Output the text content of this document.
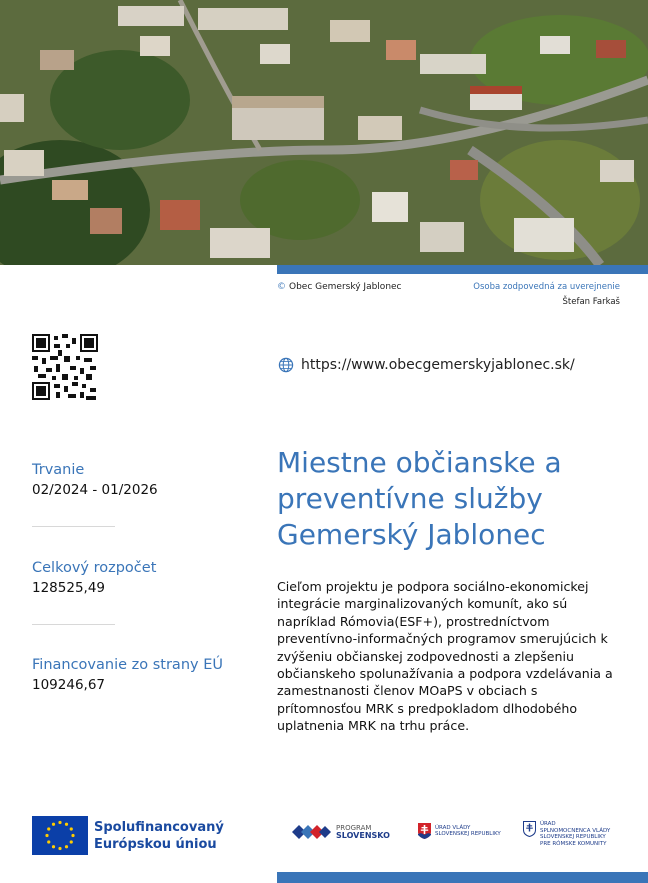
© Obec Gemerský Jablonec	Osoba zodpovedná za uverejnenie
Štefan Farkaš
https://www.obecgemerskyjablonec.sk/
Trvanie
02/2024 - 01/2026
Celkový rozpočet
128525,49
Financovanie zo strany EÚ
109246,67
Miestne občianske a
preventívne služby
Gemerský Jablonec
Cieľom projektu je podpora sociálno-ekonomickej
integrácie marginalizovaných komunít, ako sú
napríklad Rómovia(ESF+), prostredníctvom
preventívno-informačných programov smerujúcich k
zvýšeniu občianskej zodpovednosti a zlepšeniu
občianskeho spolunažívania a podpora vzdelávania a
zamestnanosti členov MOaPS v obciach s
prítomnosťou MRK s predpokladom dlhodobého
uplatnenia MRK na trhu práce.
Spolufinancovaný
Európskou úniou
PROGRAM
SLOVENSKO
ÚRAD VLÁDY
SLOVENSKEJ REPUBLIKY
ÚRAD
SPLNOMOCNENCA VLÁDY
SLOVENSKEJ REPUBLIKY
PRE RÓMSKE KOMUNITY
